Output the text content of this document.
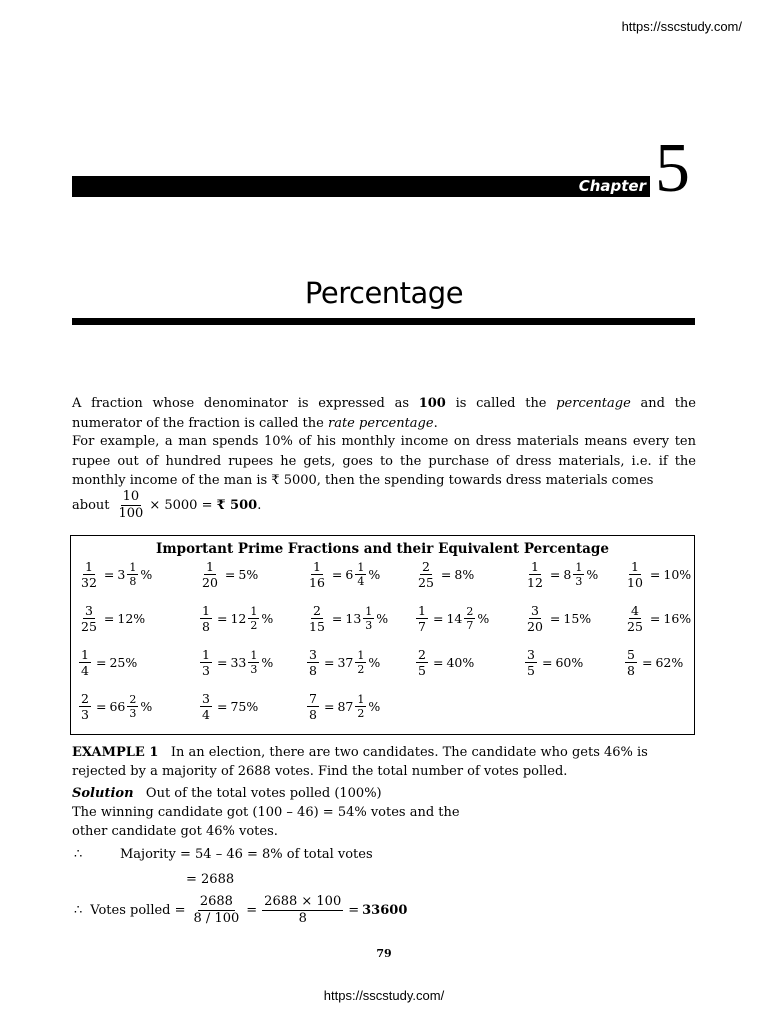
https://sscstudy.com/
5
Chapter
Percentage
A fraction whose denominator is expressed as 100 is called the percentage and the numerator of the fraction is called the rate percentage.
For example, a man spends 10% of his monthly income on dress materials means every ten rupee out of hundred rupees he gets, goes to the purchase of dress materials, i.e. if the monthly income of the man is ₹ 5000, then the spending towards dress materials comes
about $\frac{10}{100} \times 5000$ = ₹ 500 .
Important Prime Fractions and their Equivalent Percentage
$\frac{1}{32} = 3 \frac{1}{8}$ %	$\frac{1}{20} = 5\%$	$\frac{1}{16} = 6 \frac{1}{4}$ %	$\frac{2}{25} = 8\%$	$\frac{1}{12} = 8 \frac{1}{3}$ % $\frac{1}{10} = 10\%$
$\frac{3}{25} = 12\%$	$\frac{1}{8} = 12 \frac{1}{2}$ %	$\frac{2}{15} = 13 \frac{1}{3}$ % $\frac{1}{7} = 14 \frac{2}{7}$ %	$\frac{3}{20} = 15\%$	$\frac{4}{25} = 16\%$
$\frac{1}{4} = 25\%$	$\frac{1}{3} = 33 \frac{1}{3}$ %	$\frac{3}{8} = 37 \frac{1}{2}$ %	$\frac{2}{5} = 40\%$	$\frac{3}{5} = 60\%$	$\frac{5}{8} = 62\%$
$\frac{2}{3} = 66 \frac{2}{3}$ %	$\frac{3}{4} = 75\%$	$\frac{7}{8} = 87 \frac{1}{2}$ %
EXAMPLE 1 In an election, there are two candidates. The candidate who gets 46% is rejected by a majority of 2688 votes. Find the total number of votes polled.
Solution Out of the total votes polled (100%)
The winning candidate got (100 – 46) = 54% votes and the
other candidate got 46% votes.
∴	Majority = 54 – 46 = 8% of total votes
= 2688
∴ Votes polled = $\frac{2688}{8 / 100} = \frac{2688 \times 100}{8} = 33600$
79
https://sscstudy.com/
